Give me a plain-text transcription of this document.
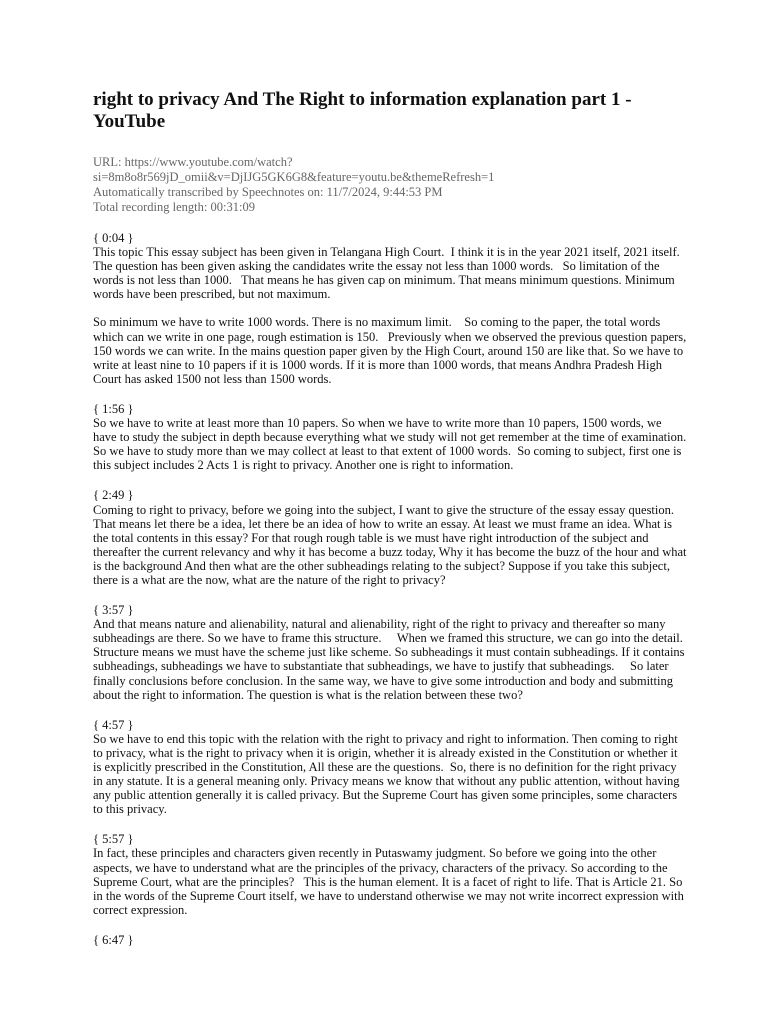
right to privacy And The Right to information explanation part 1 - YouTube
URL: https://www.youtube.com/watch?
si=8m8o8r569jD_omii&v=DjIJG5GK6G8&feature=youtu.be&themeRefresh=1
Automatically transcribed by Speechnotes on: 11/7/2024, 9:44:53 PM
Total recording length: 00:31:09
{ 0:04 }
This topic This essay subject has been given in Telangana High Court.  I think it is in the year 2021 itself, 2021 itself. The question has been given asking the candidates write the essay not less than 1000 words.   So limitation of the words is not less than 1000.   That means he has given cap on minimum. That means minimum questions. Minimum words have been prescribed, but not maximum.
So minimum we have to write 1000 words. There is no maximum limit.    So coming to the paper, the total words which can we write in one page, rough estimation is 150.   Previously when we observed the previous question papers, 150 words we can write. In the mains question paper given by the High Court, around 150 are like that. So we have to write at least nine to 10 papers if it is 1000 words. If it is more than 1000 words, that means Andhra Pradesh High Court has asked 1500 not less than 1500 words.
{ 1:56 }
So we have to write at least more than 10 papers. So when we have to write more than 10 papers, 1500 words, we have to study the subject in depth because everything what we study will not get remember at the time of examination. So we have to study more than we may collect at least to that extent of 1000 words.  So coming to subject, first one is this subject includes 2 Acts 1 is right to privacy. Another one is right to information.
{ 2:49 }
Coming to right to privacy, before we going into the subject, I want to give the structure of the essay essay question. That means let there be a idea, let there be an idea of how to write an essay. At least we must frame an idea. What is the total contents in this essay? For that rough rough table is we must have right introduction of the subject and thereafter the current relevancy and why it has become a buzz today, Why it has become the buzz of the hour and what is the background And then what are the other subheadings relating to the subject? Suppose if you take this subject, there is a what are the now, what are the nature of the right to privacy?
{ 3:57 }
And that means nature and alienability, natural and alienability, right of the right to privacy and thereafter so many subheadings are there. So we have to frame this structure.     When we framed this structure, we can go into the detail. Structure means we must have the scheme just like scheme. So subheadings it must contain subheadings. If it contains subheadings, subheadings we have to substantiate that subheadings, we have to justify that subheadings.     So later finally conclusions before conclusion. In the same way, we have to give some introduction and body and submitting about the right to information. The question is what is the relation between these two?
{ 4:57 }
So we have to end this topic with the relation with the right to privacy and right to information. Then coming to right to privacy, what is the right to privacy when it is origin, whether it is already existed in the Constitution or whether it is explicitly prescribed in the Constitution, All these are the questions.  So, there is no definition for the right privacy in any statute. It is a general meaning only. Privacy means we know that without any public attention, without having any public attention generally it is called privacy. But the Supreme Court has given some principles, some characters to this privacy.
{ 5:57 }
In fact, these principles and characters given recently in Putaswamy judgment. So before we going into the other aspects, we have to understand what are the principles of the privacy, characters of the privacy. So according to the Supreme Court, what are the principles?   This is the human element. It is a facet of right to life. That is Article 21. So in the words of the Supreme Court itself, we have to understand otherwise we may not write incorrect expression with correct expression.
{ 6:47 }
